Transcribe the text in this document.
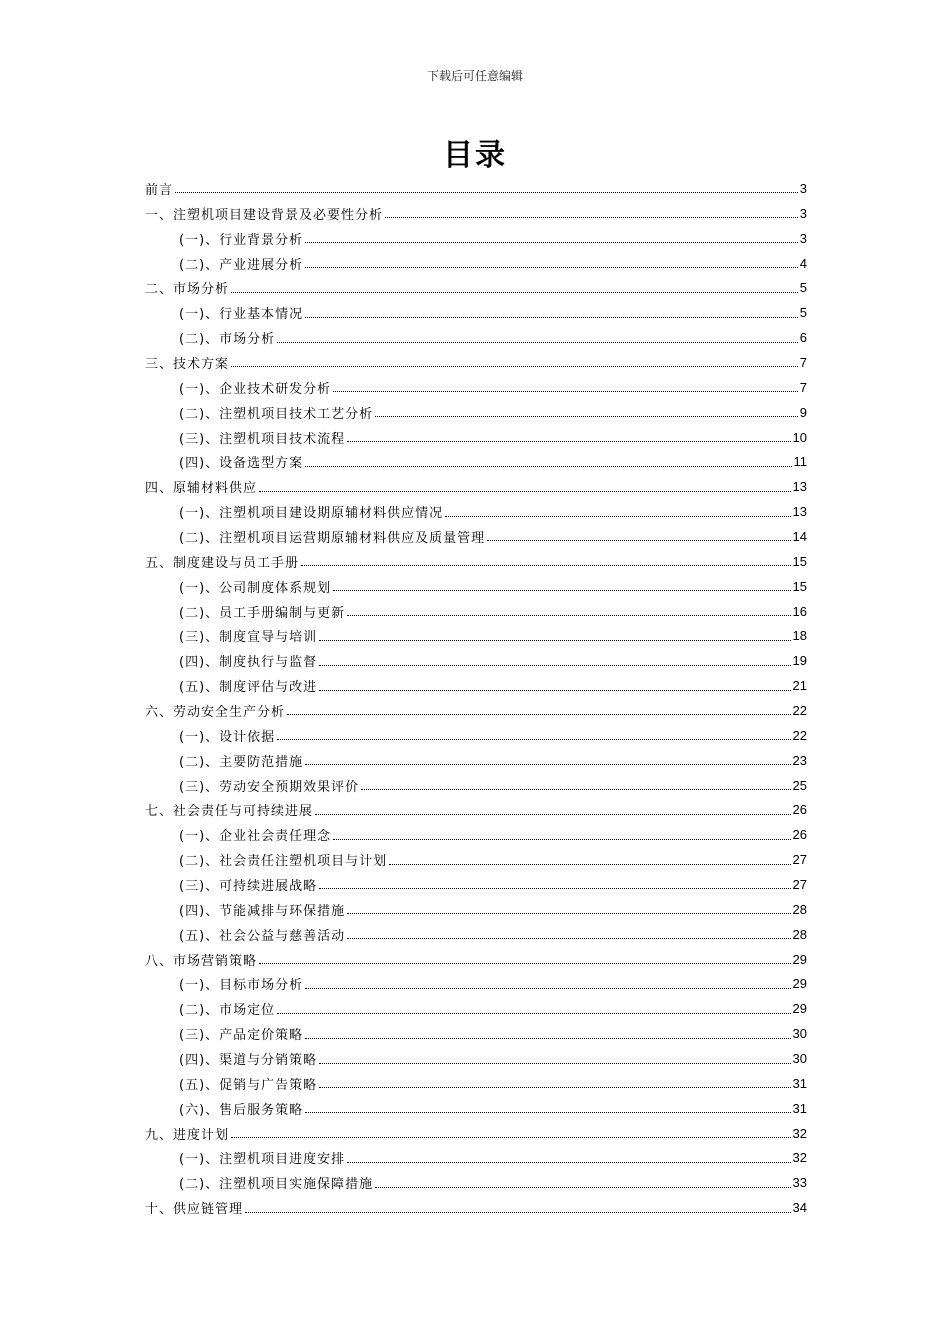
下载后可任意编辑
目录
前言	3
一、注塑机项目建设背景及必要性分析	3
(一)、行业背景分析	3
(二)、产业进展分析	4
二、市场分析	5
(一)、行业基本情况	5
(二)、市场分析	6
三、技术方案	7
(一)、企业技术研发分析	7
(二)、注塑机项目技术工艺分析	9
(三)、注塑机项目技术流程	10
(四)、设备选型方案	11
四、原辅材料供应	13
(一)、注塑机项目建设期原辅材料供应情况	13
(二)、注塑机项目运营期原辅材料供应及质量管理	14
五、制度建设与员工手册	15
(一)、公司制度体系规划	15
(二)、员工手册编制与更新	16
(三)、制度宣导与培训	18
(四)、制度执行与监督	19
(五)、制度评估与改进	21
六、劳动安全生产分析	22
(一)、设计依据	22
(二)、主要防范措施	23
(三)、劳动安全预期效果评价	25
七、社会责任与可持续进展	26
(一)、企业社会责任理念	26
(二)、社会责任注塑机项目与计划	27
(三)、可持续进展战略	27
(四)、节能减排与环保措施	28
(五)、社会公益与慈善活动	28
八、市场营销策略	29
(一)、目标市场分析	29
(二)、市场定位	29
(三)、产品定价策略	30
(四)、渠道与分销策略	30
(五)、促销与广告策略	31
(六)、售后服务策略	31
九、进度计划	32
(一)、注塑机项目进度安排	32
(二)、注塑机项目实施保障措施	33
十、供应链管理	34
